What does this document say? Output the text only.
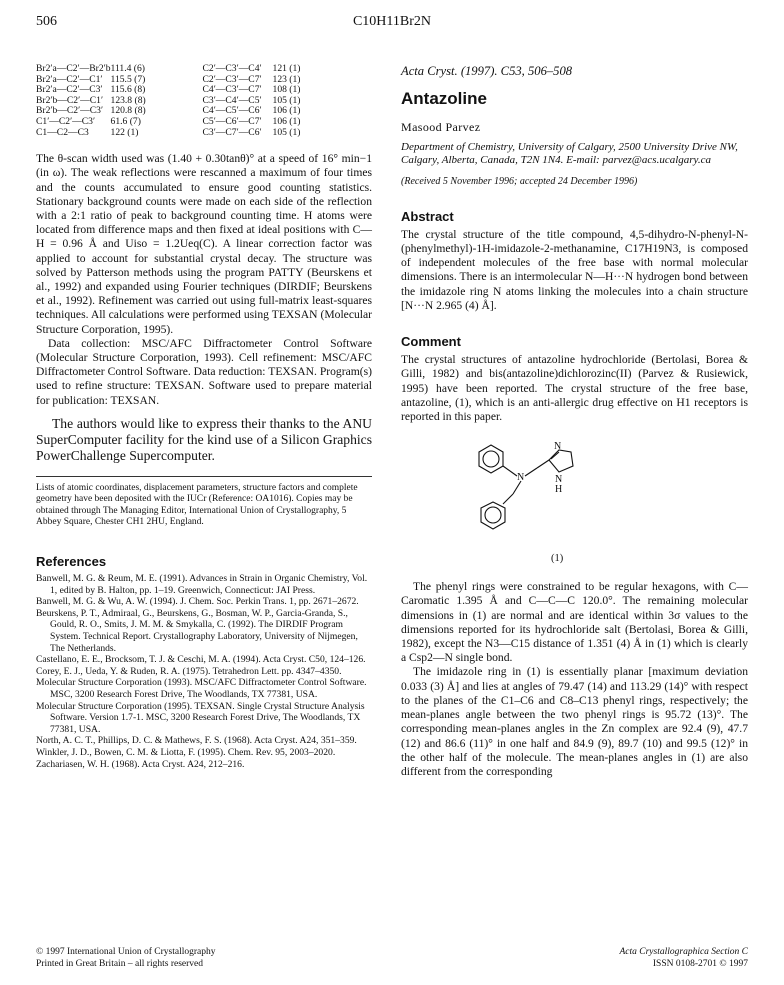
506	C10H11Br2N
Br2′a—C2′—Br2′b	111.4 (6)	C2′—C3′—C4′	121 (1)
Br2′a—C2′—C1′	115.5 (7)	C2′—C3′—C7′	123 (1)
Br2′a—C2′—C3′	115.6 (8)	C4′—C3′—C7′	108 (1)
Br2′b—C2′—C1′	123.8 (8)	C3′—C4′—C5′	105 (1)
Br2′b—C2′—C3′	120.8 (8)	C4′—C5′—C6′	106 (1)
C1′—C2′—C3′	61.6 (7)	C5′—C6′—C7′	106 (1)
C1—C2—C3	122 (1)	C3′—C7′—C6′	105 (1)

The θ-scan width used was (1.40 + 0.30tanθ)° at a speed of 16° min−1 (in ω). The weak reflections were rescanned a maximum of four times and the counts accumulated to ensure good counting statistics. Stationary background counts were made on each side of the reflection with a 2:1 ratio of peak to background counting time. H atoms were located from difference maps and then fixed at ideal positions with C—H = 0.96 Å and Uiso = 1.2Ueq(C). A linear correction factor was applied to account for substantial crystal decay. The structure was solved by Patterson methods using the program PATTY (Beurskens et al., 1992) and expanded using Fourier techniques (DIRDIF; Beurskens et al., 1992). Refinement was carried out using full-matrix least-squares techniques. All calculations were performed using TEXSAN (Molecular Structure Corporation, 1995).

Data collection: MSC/AFC Diffractometer Control Software (Molecular Structure Corporation, 1993). Cell refinement: MSC/AFC Diffractometer Control Software. Data reduction: TEXSAN. Program(s) used to refine structure: TEXSAN. Software used to prepare material for publication: TEXSAN.

The authors would like to express their thanks to the ANU SuperComputer facility for the kind use of a Silicon Graphics PowerChallenge Supercomputer.

Lists of atomic coordinates, displacement parameters, structure factors and complete geometry have been deposited with the IUCr (Reference: OA1016). Copies may be obtained through The Managing Editor, International Union of Crystallography, 5 Abbey Square, Chester CH1 2HU, England.

References

Banwell, M. G. & Reum, M. E. (1991). Advances in Strain in Organic Chemistry, Vol. 1, edited by B. Halton, pp. 1–19. Greenwich, Connecticut: JAI Press.

Banwell, M. G. & Wu, A. W. (1994). J. Chem. Soc. Perkin Trans. 1, pp. 2671–2672.

Beurskens, P. T., Admiraal, G., Beurskens, G., Bosman, W. P., Garcia-Granda, S., Gould, R. O., Smits, J. M. M. & Smykalla, C. (1992). The DIRDIF Program System. Technical Report. Crystallography Laboratory, University of Nijmegen, The Netherlands.

Castellano, E. E., Brocksom, T. J. & Ceschi, M. A. (1994). Acta Cryst. C50, 124–126.

Corey, E. J., Ueda, Y. & Ruden, R. A. (1975). Tetrahedron Lett. pp. 4347–4350.

Molecular Structure Corporation (1993). MSC/AFC Diffractometer Control Software. MSC, 3200 Research Forest Drive, The Woodlands, TX 77381, USA.

Molecular Structure Corporation (1995). TEXSAN. Single Crystal Structure Analysis Software. Version 1.7-1. MSC, 3200 Research Forest Drive, The Woodlands, TX 77381, USA.

North, A. C. T., Phillips, D. C. & Mathews, F. S. (1968). Acta Cryst. A24, 351–359.

Winkler, J. D., Bowen, C. M. & Liotta, F. (1995). Chem. Rev. 95, 2003–2020.

Zachariasen, W. H. (1968). Acta Cryst. A24, 212–216.

Acta Cryst. (1997). C53, 506–508
Antazoline
Masood Parvez
Department of Chemistry, University of Calgary, 2500 University Drive NW, Calgary, Alberta, Canada, T2N 1N4. E-mail: parvez@acs.ucalgary.ca
(Received 5 November 1996; accepted 24 December 1996)
Abstract

The crystal structure of the title compound, 4,5-dihydro-N-phenyl-N-(phenylmethyl)-1H-imidazole-2-methanamine, C17H19N3, is composed of independent molecules of the free base with normal molecular dimensions. There is an intermolecular N—H···N hydrogen bond between the imidazole ring N atoms linking the molecules into a chain structure [N···N 2.965 (4) Å].

Comment

The crystal structures of antazoline hydrochloride (Bertolasi, Borea & Gilli, 1982) and bis(antazoline)dichlorozinc(II) (Parvez & Rusiewick, 1995) have been reported. The crystal structure of the free base, antazoline, (1), which is an anti-allergic drug effective on H1 receptors is reported in this paper.

N
N
N
H
(1)

The phenyl rings were constrained to be regular hexagons, with C—Caromatic 1.395 Å and C—C—C 120.0°. The remaining molecular dimensions in (1) are normal and are identical within 3σ values to the dimensions reported for its hydrochloride salt (Bertolasi, Borea & Gilli, 1982), except the N3—C15 distance of 1.351 (4) Å in (1) which is clearly a Csp2—N single bond.

The imidazole ring in (1) is essentially planar [maximum deviation 0.033 (3) Å] and lies at angles of 79.47 (14) and 113.29 (14)° with respect to the planes of the C1–C6 and C8–C13 phenyl rings, respectively; the mean-planes angle between the two phenyl rings is 95.72 (13)°. The corresponding mean-planes angles in the Zn complex are 92.4 (9), 47.7 (12) and 86.6 (11)° in one half and 84.9 (9), 89.7 (10) and 99.5 (12)° in the other half of the molecule. The mean-planes angles in (1) are also different from the corresponding

© 1997 International Union of Crystallography
Printed in Great Britain – all rights reserved
Acta Crystallographica Section C
ISSN 0108-2701 © 1997
